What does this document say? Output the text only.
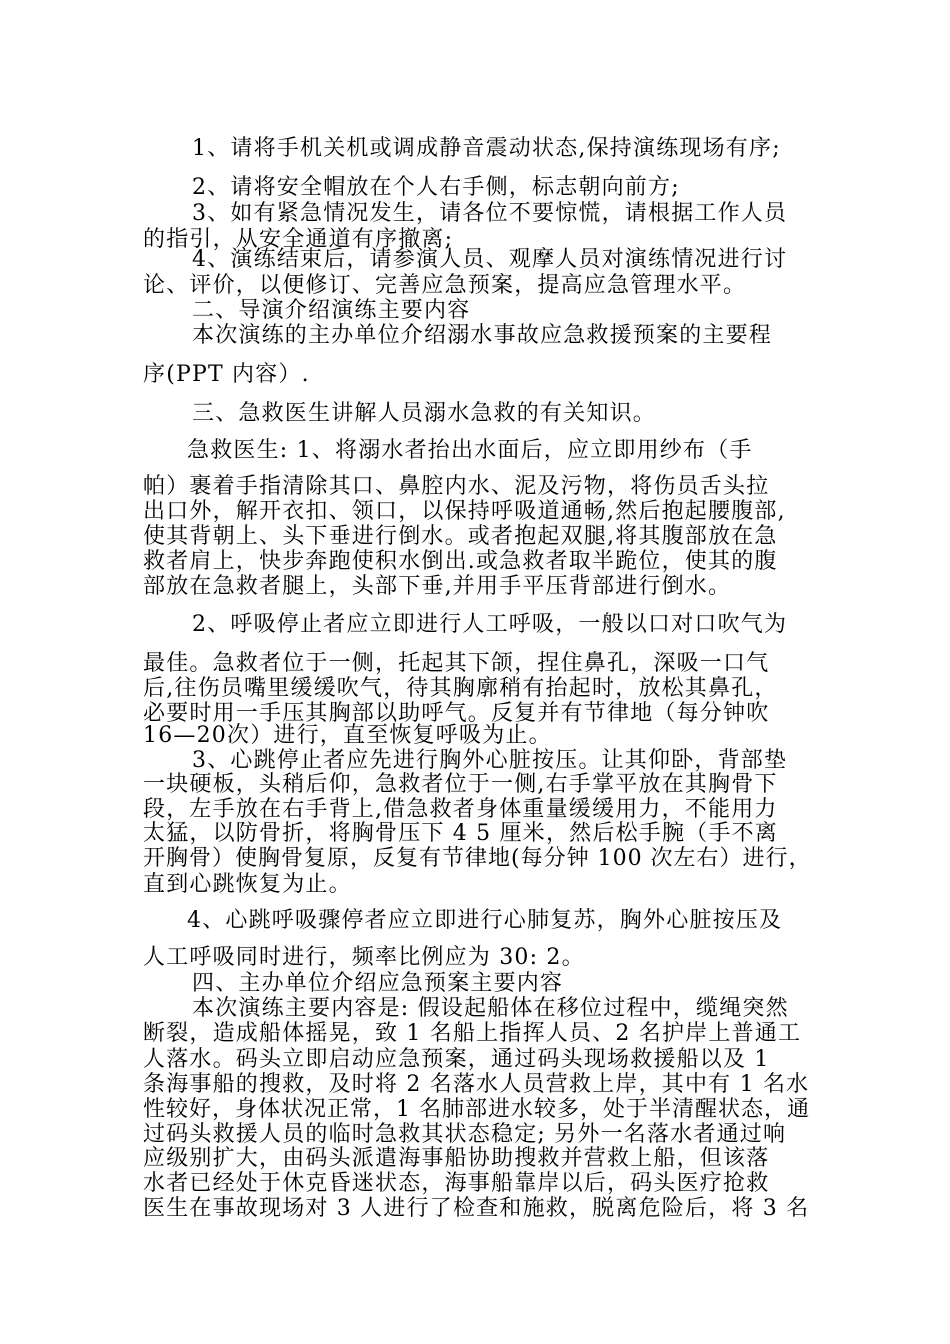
1、请将手机关机或调成静音震动状态,保持演练现场有序;
2、请将安全帽放在个人右手侧，标志朝向前方;
3、如有紧急情况发生，请各位不要惊慌，请根据工作人员
的指引，从安全通道有序撤离;
4、演练结束后，请参演人员、观摩人员对演练情况进行讨
论、评价，以便修订、完善应急预案，提高应急管理水平。
二、导演介绍演练主要内容
本次演练的主办单位介绍溺水事故应急救援预案的主要程
序(PPT 内容）.
三、急救医生讲解人员溺水急救的有关知识。
急救医生: 1、将溺水者抬出水面后，应立即用纱布（手
帕）裹着手指清除其口、鼻腔内水、泥及污物，将伤员舌头拉
出口外，解开衣扣、领口，以保持呼吸道通畅,然后抱起腰腹部,
使其背朝上、头下垂进行倒水。或者抱起双腿,将其腹部放在急
救者肩上，快步奔跑使积水倒出.或急救者取半跪位，使其的腹
部放在急救者腿上，头部下垂,并用手平压背部进行倒水。
2、呼吸停止者应立即进行人工呼吸，一般以口对口吹气为
最佳。急救者位于一侧，托起其下颌，捏住鼻孔，深吸一口气
后,往伤员嘴里缓缓吹气，待其胸廓稍有抬起时，放松其鼻孔，
必要时用一手压其胸部以助呼气。反复并有节律地（每分钟吹
16—20次）进行，直至恢复呼吸为止。
3、心跳停止者应先进行胸外心脏按压。让其仰卧，背部垫
一块硬板，头稍后仰，急救者位于一侧,右手掌平放在其胸骨下
段，左手放在右手背上,借急救者身体重量缓缓用力，不能用力
太猛，以防骨折，将胸骨压下 4 5 厘米，然后松手腕（手不离
开胸骨）使胸骨复原，反复有节律地(每分钟 100 次左右）进行，
直到心跳恢复为止。
4、心跳呼吸骤停者应立即进行心肺复苏，胸外心脏按压及
人工呼吸同时进行，频率比例应为 30: 2。
四、主办单位介绍应急预案主要内容
本次演练主要内容是: 假设起船体在移位过程中，缆绳突然
断裂，造成船体摇晃，致 1 名船上指挥人员、2 名护岸上普通工
人落水。码头立即启动应急预案，通过码头现场救援船以及 1
条海事船的搜救，及时将 2 名落水人员营救上岸，其中有 1 名水
性较好，身体状况正常，1 名肺部进水较多，处于半清醒状态，通
过码头救援人员的临时急救其状态稳定; 另外一名落水者通过响
应级别扩大，由码头派遣海事船协助搜救并营救上船，但该落
水者已经处于休克昏迷状态，海事船靠岸以后，码头医疗抢救
医生在事故现场对 3 人进行了检查和施救，脱离危险后，将 3 名
